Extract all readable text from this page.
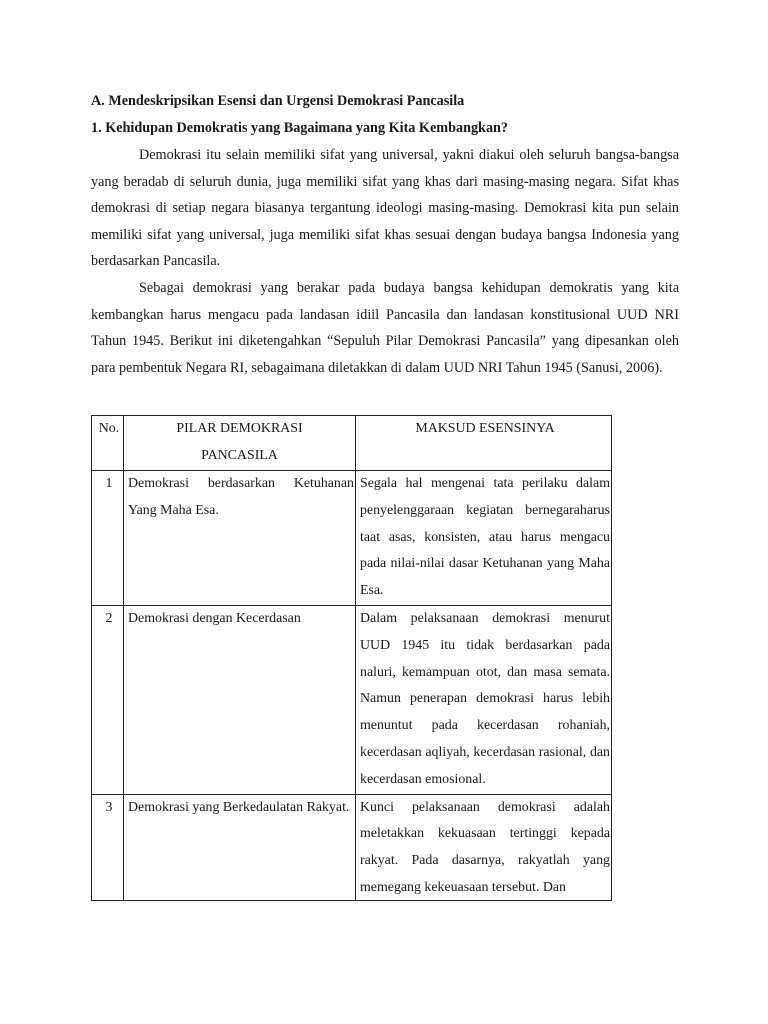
A. Mendeskripsikan Esensi dan Urgensi Demokrasi Pancasila

1. Kehidupan Demokratis yang Bagaimana yang Kita Kembangkan?

Demokrasi itu selain memiliki sifat yang universal, yakni diakui oleh seluruh bangsa-bangsa yang beradab di seluruh dunia, juga memiliki sifat yang khas dari masing-masing negara. Sifat khas demokrasi di setiap negara biasanya tergantung ideologi masing-masing. Demokrasi kita pun selain memiliki sifat yang universal, juga memiliki sifat khas sesuai dengan budaya bangsa Indonesia yang berdasarkan Pancasila.

Sebagai demokrasi yang berakar pada budaya bangsa kehidupan demokratis yang kita kembangkan harus mengacu pada landasan idiil Pancasila dan landasan konstitusional UUD NRI Tahun 1945. Berikut ini diketengahkan “Sepuluh Pilar Demokrasi Pancasila” yang dipesankan oleh para pembentuk Negara RI, sebagaimana diletakkan di dalam UUD NRI Tahun 1945 (Sanusi, 2006).

No.	PILAR DEMOKRASI PANCASILA	MAKSUD ESENSINYA
1	Demokrasi berdasarkan Ketuhanan Yang Maha Esa.	Segala hal mengenai tata perilaku dalam penyelenggaraan kegiatan bernegaraharus taat asas, konsisten, atau harus mengacu pada nilai-nilai dasar Ketuhanan yang Maha Esa.
2	Demokrasi dengan Kecerdasan	Dalam pelaksanaan demokrasi menurut UUD 1945 itu tidak berdasarkan pada naluri, kemampuan otot, dan masa semata. Namun penerapan demokrasi harus lebih menuntut pada kecerdasan rohaniah, kecerdasan aqliyah, kecerdasan rasional, dan kecerdasan emosional.
3	Demokrasi yang Berkedaulatan Rakyat.	Kunci pelaksanaan demokrasi adalah meletakkan kekuasaan tertinggi kepada rakyat. Pada dasarnya, rakyatlah yang memegang kekeuasaan tersebut. Dan
